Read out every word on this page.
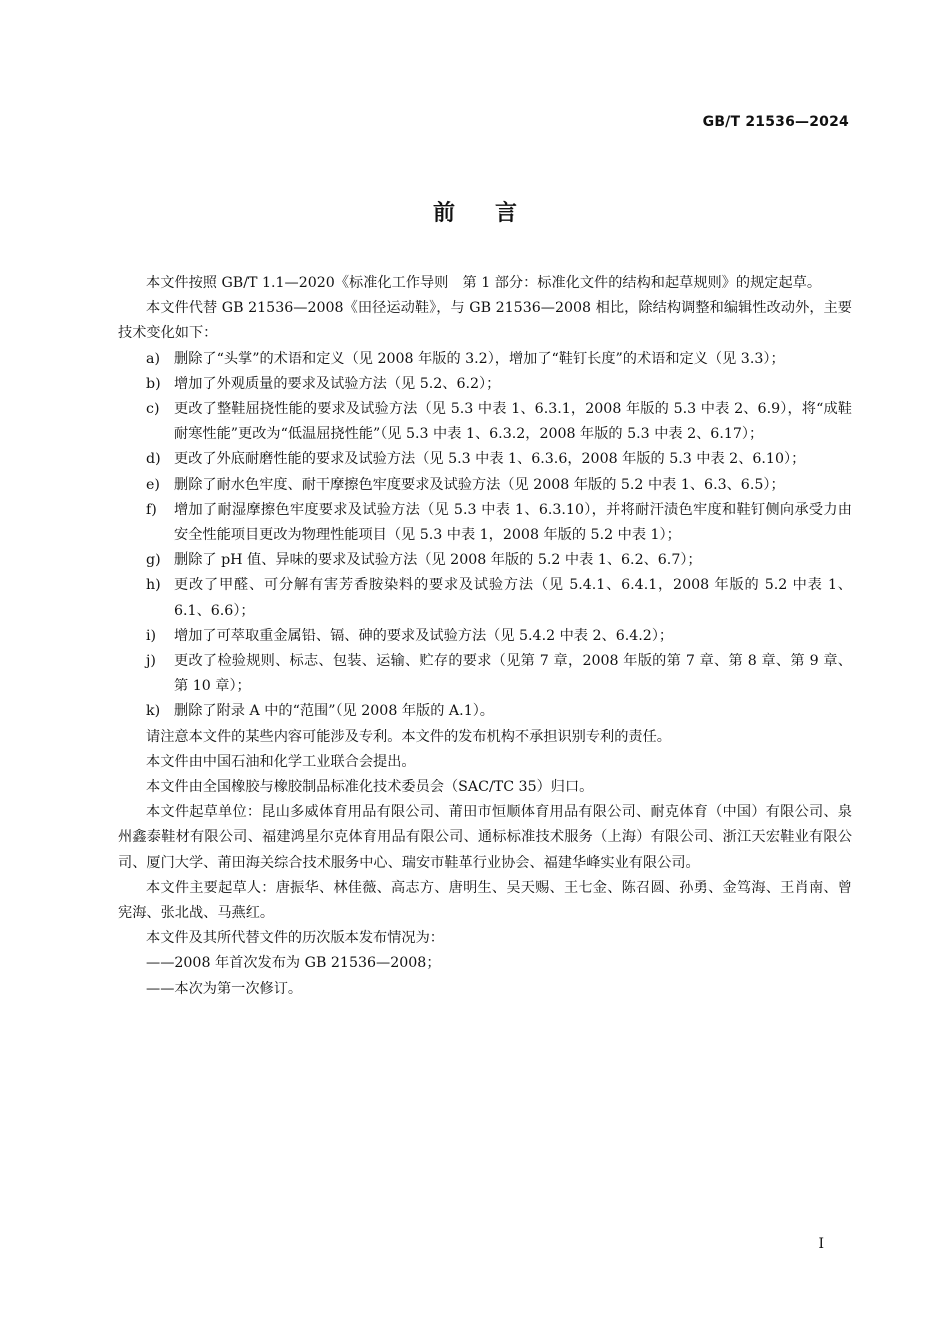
GB/T 21536—2024
前言

本文件按照 GB/T 1.1—2020《标准化工作导则　第 1 部分：标准化文件的结构和起草规则》的规定起草。

本文件代替 GB 21536—2008《田径运动鞋》，与 GB 21536—2008 相比，除结构调整和编辑性改动外，主要技术变化如下：

a) 删除了“头掌”的术语和定义（见 2008 年版的 3.2），增加了“鞋钉长度”的术语和定义（见 3.3）；

b) 增加了外观质量的要求及试验方法（见 5.2、6.2）；

c) 更改了整鞋屈挠性能的要求及试验方法（见 5.3 中表 1、6.3.1，2008 年版的 5.3 中表 2、6.9），将“成鞋耐寒性能”更改为“低温屈挠性能”（见 5.3 中表 1、6.3.2，2008 年版的 5.3 中表 2、6.17）；

d) 更改了外底耐磨性能的要求及试验方法（见 5.3 中表 1、6.3.6，2008 年版的 5.3 中表 2、6.10）；

e) 删除了耐水色牢度、耐干摩擦色牢度要求及试验方法（见 2008 年版的 5.2 中表 1、6.3、6.5）；

f) 增加了耐湿摩擦色牢度要求及试验方法（见 5.3 中表 1、6.3.10），并将耐汗渍色牢度和鞋钉侧向承受力由安全性能项目更改为物理性能项目（见 5.3 中表 1，2008 年版的 5.2 中表 1）；

g) 删除了 pH 值、异味的要求及试验方法（见 2008 年版的 5.2 中表 1、6.2、6.7）；

h) 更改了甲醛、可分解有害芳香胺染料的要求及试验方法（见 5.4.1、6.4.1，2008 年版的 5.2 中表 1、6.1、6.6）；

i) 增加了可萃取重金属铅、镉、砷的要求及试验方法（见 5.4.2 中表 2、6.4.2）；

j) 更改了检验规则、标志、包装、运输、贮存的要求（见第 7 章，2008 年版的第 7 章、第 8 章、第 9 章、第 10 章）；

k) 删除了附录 A 中的“范围”（见 2008 年版的 A.1）。

请注意本文件的某些内容可能涉及专利。本文件的发布机构不承担识别专利的责任。

本文件由中国石油和化学工业联合会提出。

本文件由全国橡胶与橡胶制品标准化技术委员会（SAC/TC 35）归口。

本文件起草单位：昆山多威体育用品有限公司、莆田市恒顺体育用品有限公司、耐克体育（中国）有限公司、泉州鑫泰鞋材有限公司、福建鸿星尔克体育用品有限公司、通标标准技术服务（上海）有限公司、浙江天宏鞋业有限公司、厦门大学、莆田海关综合技术服务中心、瑞安市鞋革行业协会、福建华峰实业有限公司。

本文件主要起草人：唐振华、林佳薇、高志方、唐明生、吴天赐、王七金、陈召圆、孙勇、金笃海、王肖南、曾宪海、张北战、马燕红。

本文件及其所代替文件的历次版本发布情况为：

——2008 年首次发布为 GB 21536—2008；

——本次为第一次修订。

I
